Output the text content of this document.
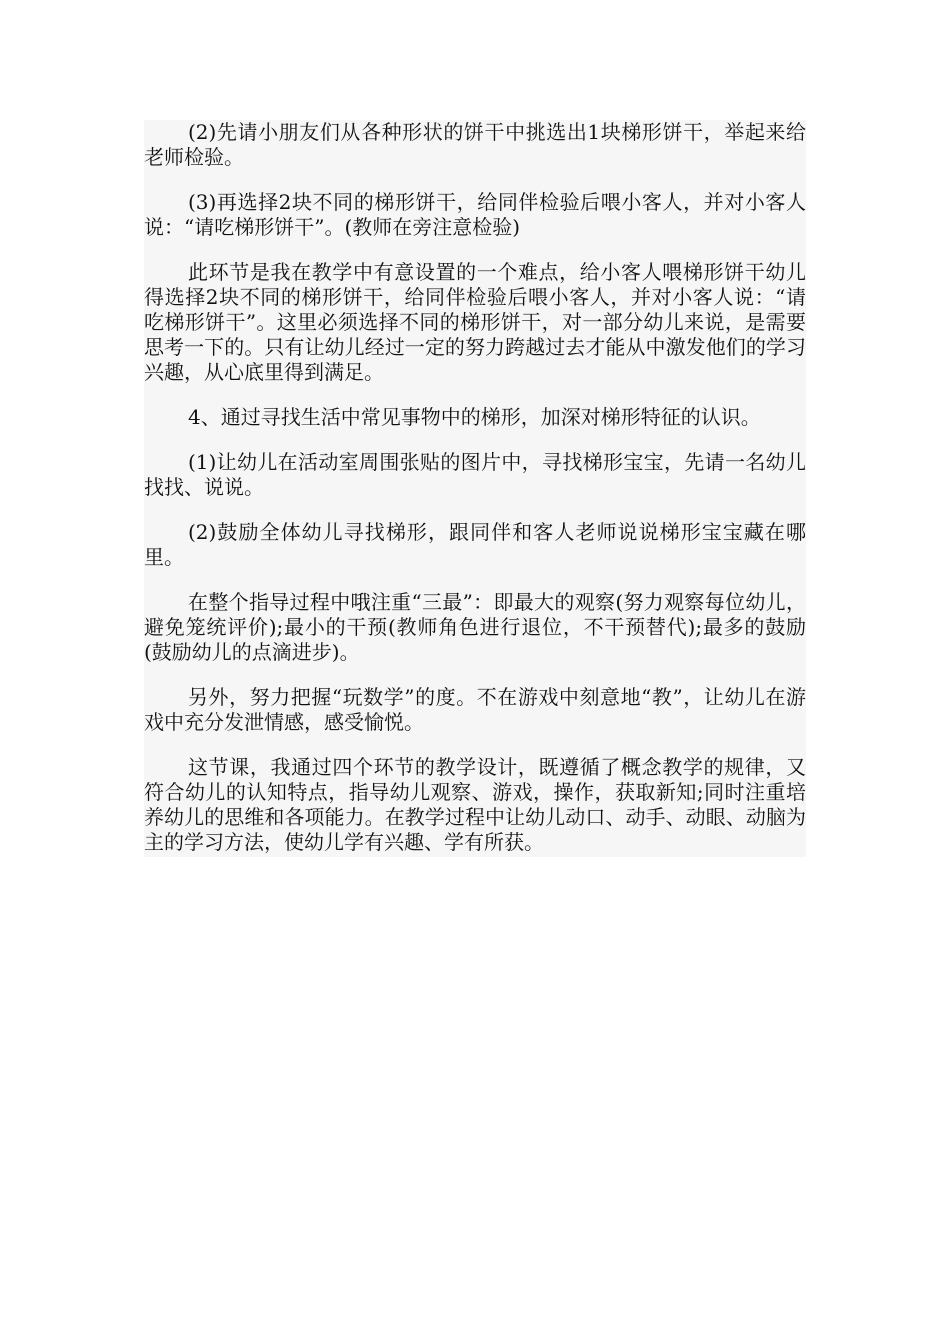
(2)先请小朋友们从各种形状的饼干中挑选出1块梯形饼干，举起来给老师检验。

(3)再选择2块不同的梯形饼干，给同伴检验后喂小客人，并对小客人说：“请吃梯形饼干”。(教师在旁注意检验)

此环节是我在教学中有意设置的一个难点，给小客人喂梯形饼干幼儿得选择2块不同的梯形饼干，给同伴检验后喂小客人，并对小客人说：“请吃梯形饼干”。这里必须选择不同的梯形饼干，对一部分幼儿来说，是需要思考一下的。只有让幼儿经过一定的努力跨越过去才能从中激发他们的学习兴趣，从心底里得到满足。

4、通过寻找生活中常见事物中的梯形，加深对梯形特征的认识。

(1)让幼儿在活动室周围张贴的图片中，寻找梯形宝宝，先请一名幼儿找找、说说。

(2)鼓励全体幼儿寻找梯形，跟同伴和客人老师说说梯形宝宝藏在哪里。

在整个指导过程中哦注重“三最”：即最大的观察(努力观察每位幼儿，避免笼统评价);最小的干预(教师角色进行退位，不干预替代);最多的鼓励(鼓励幼儿的点滴进步)。

另外，努力把握“玩数学”的度。不在游戏中刻意地“教”，让幼儿在游戏中充分发泄情感，感受愉悦。

这节课，我通过四个环节的教学设计，既遵循了概念教学的规律，又符合幼儿的认知特点，指导幼儿观察、游戏，操作，获取新知;同时注重培养幼儿的思维和各项能力。在教学过程中让幼儿动口、动手、动眼、动脑为主的学习方法，使幼儿学有兴趣、学有所获。
